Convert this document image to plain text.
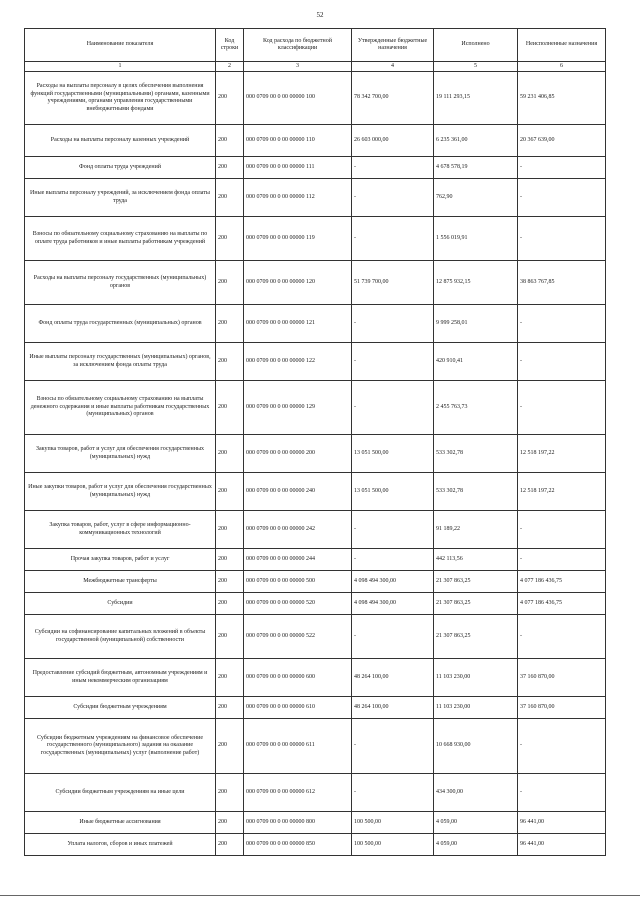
52
Наименование показателя	Код строки	Код расхода по бюджетной классификации	Утвержденные бюджетные назначения	Исполнено	Неисполненные назначения
1	2	3	4	5	6
Расходы на выплаты персоналу в целях обеспечения выполнения функций государственными (муниципальными) органами, казенными учреждениями, органами управления государственными внебюджетными фондами	200	000 0709 00 0 00 00000 100	78 342 700,00	19 111 293,15	59 231 406,85
Расходы на выплаты персоналу казенных учреждений	200	000 0709 00 0 00 00000 110	26 603 000,00	6 235 361,00	20 367 639,00
Фонд оплаты труда учреждений	200	000 0709 00 0 00 00000 111	-	4 678 578,19	-
Иные выплаты персоналу учреждений, за исключением фонда оплаты труда	200	000 0709 00 0 00 00000 112	-	762,90	-
Взносы по обязательному социальному страхованию на выплаты по оплате труда работников и иные выплаты работникам учреждений	200	000 0709 00 0 00 00000 119	-	1 556 019,91	-
Расходы на выплаты персоналу государственных (муниципальных) органов	200	000 0709 00 0 00 00000 120	51 739 700,00	12 875 932,15	38 863 767,85
Фонд оплаты труда государственных (муниципальных) органов	200	000 0709 00 0 00 00000 121	-	9 999 258,01	-
Иные выплаты персоналу государственных (муниципальных) органов, за исключением фонда оплаты труда	200	000 0709 00 0 00 00000 122	-	420 910,41	-
Взносы по обязательному социальному страхованию на выплаты денежного содержания и иные выплаты работникам государственных (муниципальных) органов	200	000 0709 00 0 00 00000 129	-	2 455 763,73	-
Закупка товаров, работ и услуг для обеспечения государственных (муниципальных) нужд	200	000 0709 00 0 00 00000 200	13 051 500,00	533 302,78	12 518 197,22
Иные закупки товаров, работ и услуг для обеспечения государственных (муниципальных) нужд	200	000 0709 00 0 00 00000 240	13 051 500,00	533 302,78	12 518 197,22
Закупка товаров, работ, услуг в сфере информационно-коммуникационных технологий	200	000 0709 00 0 00 00000 242	-	91 189,22	-
Прочая закупка товаров, работ и услуг	200	000 0709 00 0 00 00000 244	-	442 113,56	-
Межбюджетные трансферты	200	000 0709 00 0 00 00000 500	4 098 494 300,00	21 307 863,25	4 077 186 436,75
Субсидии	200	000 0709 00 0 00 00000 520	4 098 494 300,00	21 307 863,25	4 077 186 436,75
Субсидии на софинансирование капитальных вложений в объекты государственной (муниципальной) собственности	200	000 0709 00 0 00 00000 522	-	21 307 863,25	-
Предоставление субсидий бюджетным, автономным учреждениям и иным некоммерческим организациям	200	000 0709 00 0 00 00000 600	48 264 100,00	11 103 230,00	37 160 870,00
Субсидии бюджетным учреждениям	200	000 0709 00 0 00 00000 610	48 264 100,00	11 103 230,00	37 160 870,00
Субсидии бюджетным учреждениям на финансовое обеспечение государственного (муниципального) задания на оказание государственных (муниципальных) услуг (выполнение работ)	200	000 0709 00 0 00 00000 611	-	10 668 930,00	-
Субсидии бюджетным учреждениям на иные цели	200	000 0709 00 0 00 00000 612	-	434 300,00	-
Иные бюджетные ассигнования	200	000 0709 00 0 00 00000 800	100 500,00	4 059,00	96 441,00
Уплата налогов, сборов и иных платежей	200	000 0709 00 0 00 00000 850	100 500,00	4 059,00	96 441,00
